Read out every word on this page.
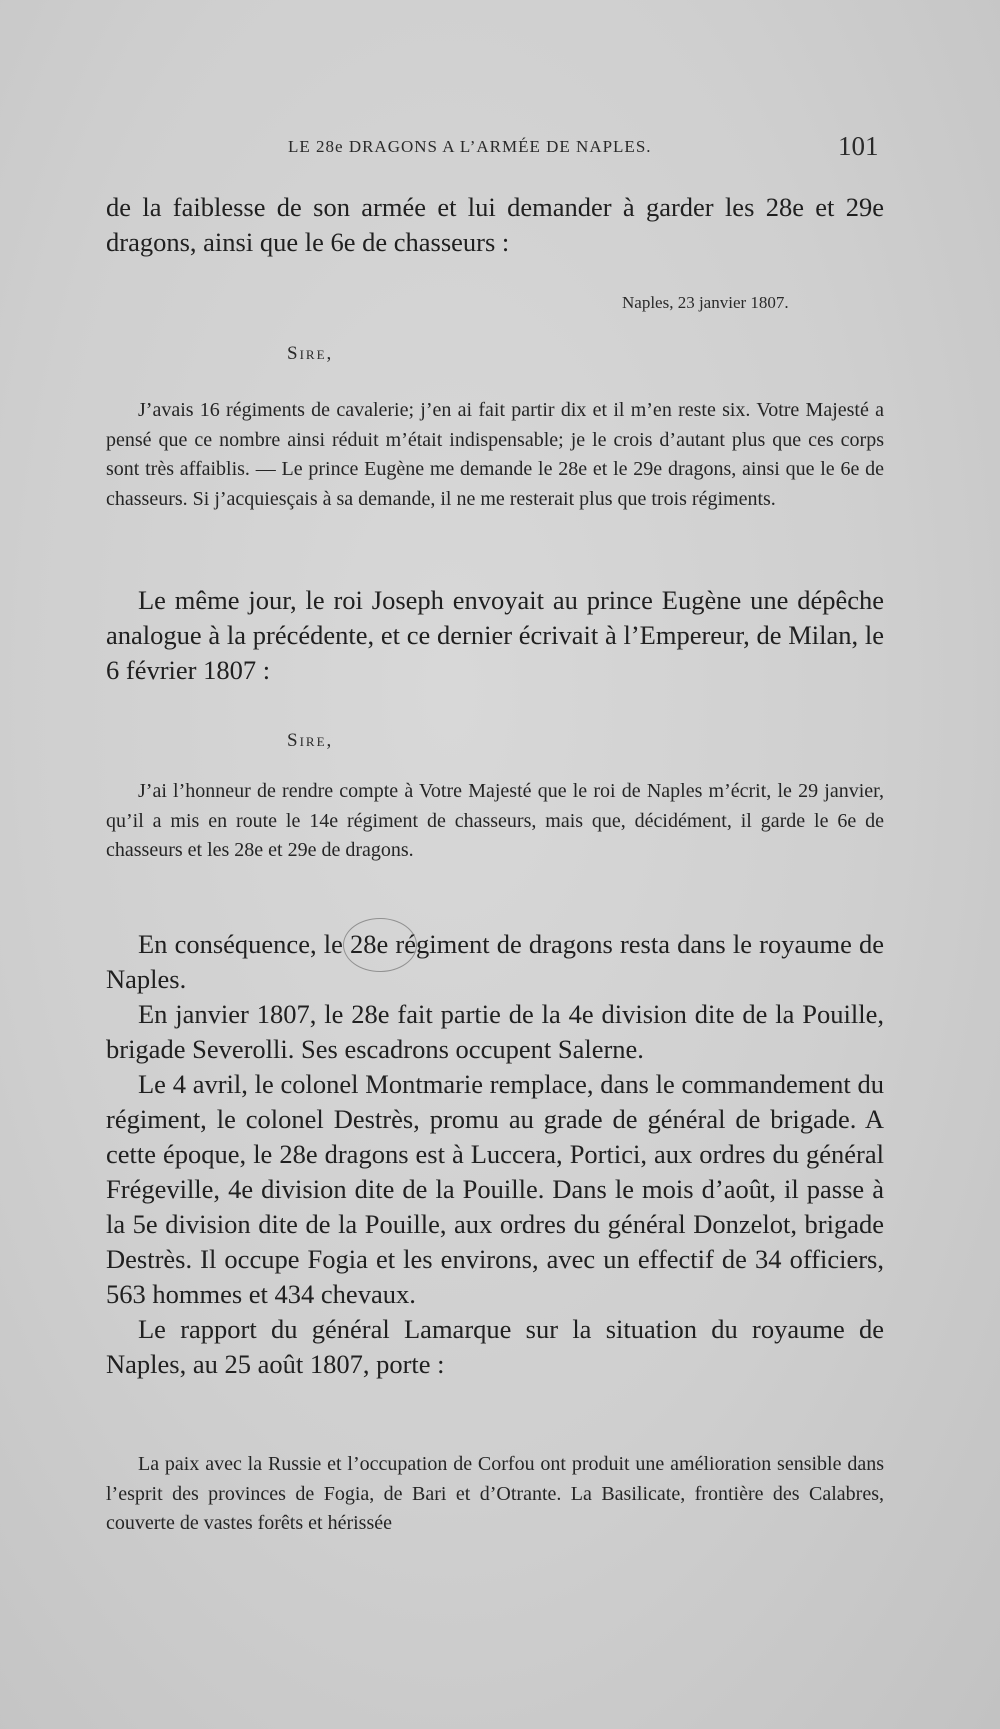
LE 28e DRAGONS A L’ARMÉE DE NAPLES.	101

de la faiblesse de son armée et lui demander à garder les 28e et 29e dragons, ainsi que le 6e de chasseurs :

Naples, 23 janvier 1807.
Sire,

J’avais 16 régiments de cavalerie; j’en ai fait partir dix et il m’en reste six. Votre Majesté a pensé que ce nombre ainsi réduit m’était indispensable; je le crois d’autant plus que ces corps sont très affaiblis. — Le prince Eugène me demande le 28e et le 29e dragons, ainsi que le 6e de chasseurs. Si j’acquiesçais à sa demande, il ne me resterait plus que trois régiments.

Le même jour, le roi Joseph envoyait au prince Eugène une dépêche analogue à la précédente, et ce dernier écrivait à l’Empereur, de Milan, le 6 février 1807 :

Sire,

J’ai l’honneur de rendre compte à Votre Majesté que le roi de Naples m’écrit, le 29 janvier, qu’il a mis en route le 14e régiment de chasseurs, mais que, décidément, il garde le 6e de chasseurs et les 28e et 29e de dragons.

En conséquence, le 28e régiment de dragons resta dans le royaume de Naples.

En janvier 1807, le 28e fait partie de la 4e division dite de la Pouille, brigade Severolli. Ses escadrons occupent Salerne.

Le 4 avril, le colonel Montmarie remplace, dans le commandement du régiment, le colonel Destrès, promu au grade de général de brigade. A cette époque, le 28e dragons est à Luccera, Portici, aux ordres du général Frégeville, 4e division dite de la Pouille. Dans le mois d’août, il passe à la 5e division dite de la Pouille, aux ordres du général Donzelot, brigade Destrès. Il occupe Fogia et les environs, avec un effectif de 34 officiers, 563 hommes et 434 chevaux.

Le rapport du général Lamarque sur la situation du royaume de Naples, au 25 août 1807, porte :

La paix avec la Russie et l’occupation de Corfou ont produit une amélioration sensible dans l’esprit des provinces de Fogia, de Bari et d’Otrante. La Basilicate, frontière des Calabres, couverte de vastes forêts et hérissée
